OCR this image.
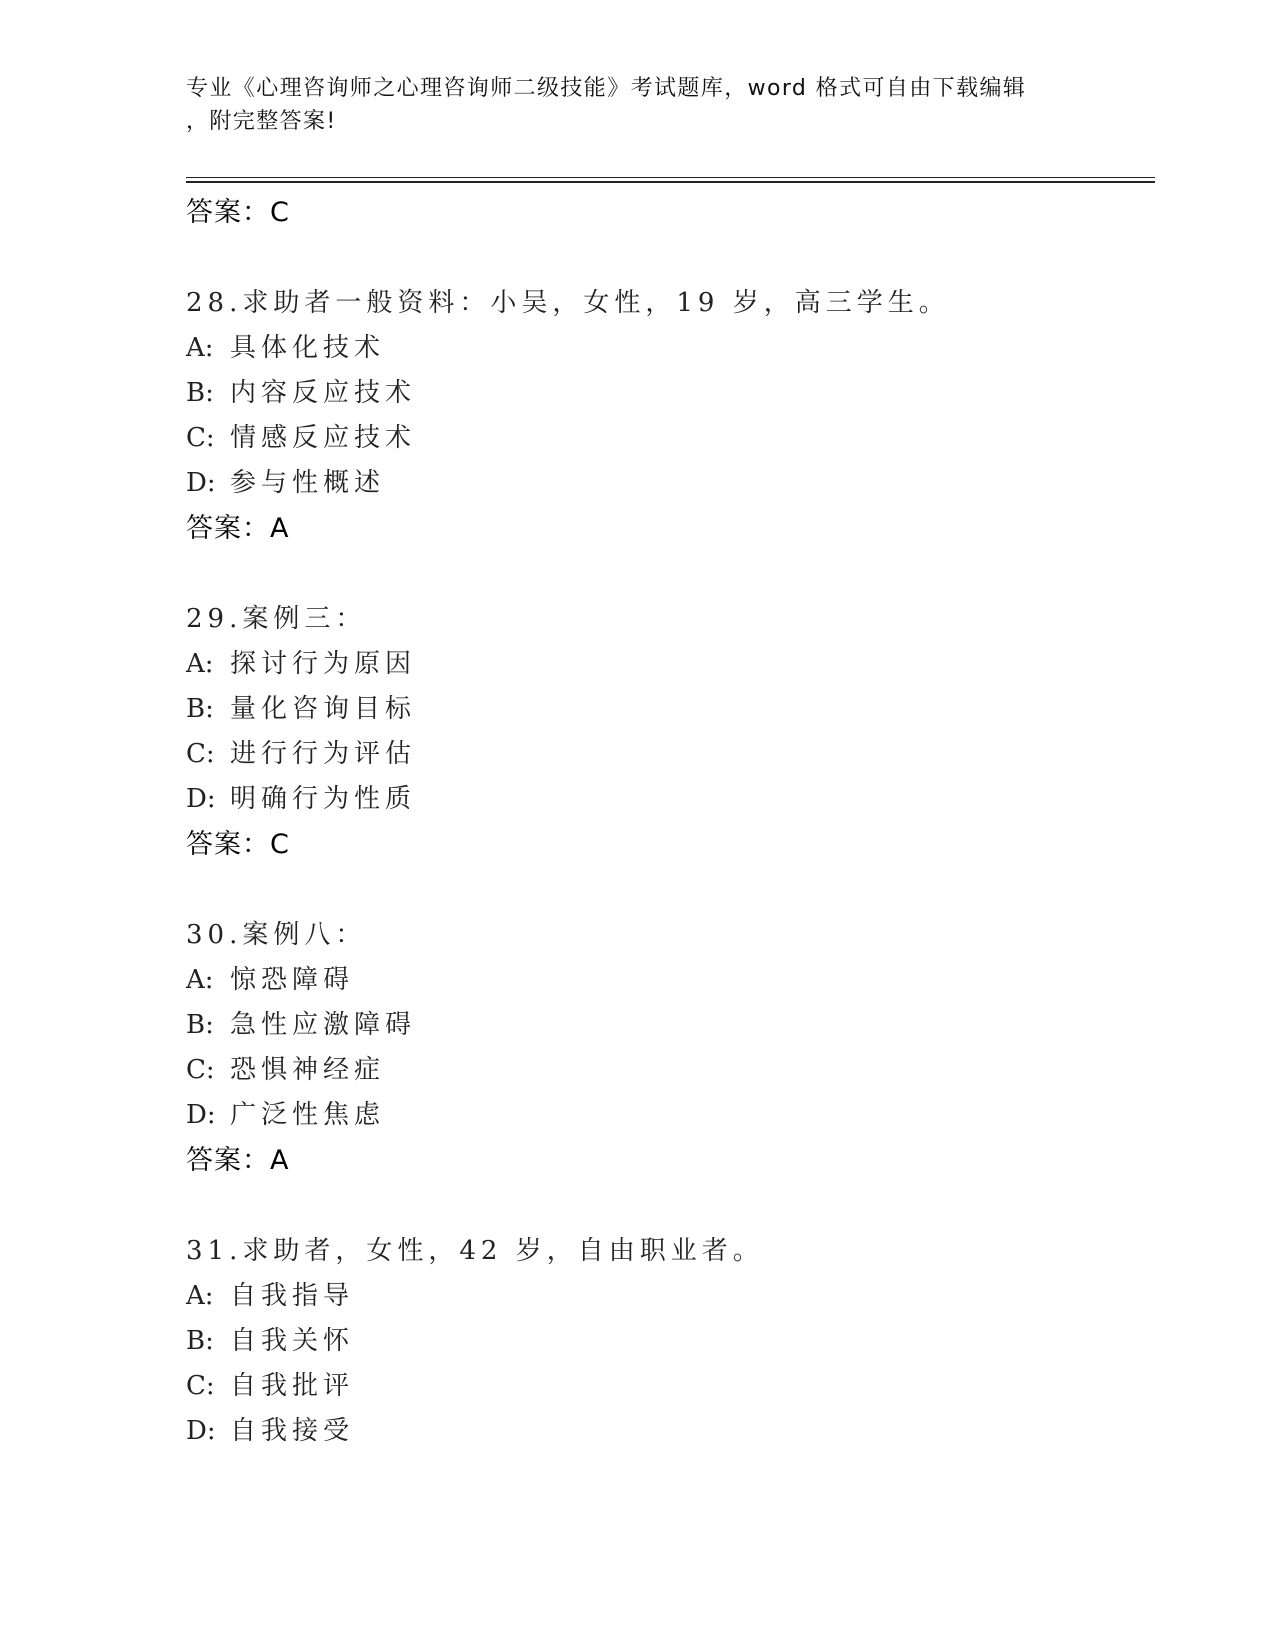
专业《心理咨询师之心理咨询师二级技能》考试题库，word 格式可自由下载编辑
，附完整答案!
答案：C
28.求助者一般资料：小吴，女性，19 岁，高三学生。
A: 具体化技术
B: 内容反应技术
C: 情感反应技术
D: 参与性概述
答案：A
29.案例三：
A: 探讨行为原因
B: 量化咨询目标
C: 进行行为评估
D: 明确行为性质
答案：C
30.案例八：
A: 惊恐障碍
B: 急性应激障碍
C: 恐惧神经症
D: 广泛性焦虑
答案：A
31.求助者，女性，42 岁，自由职业者。
A: 自我指导
B: 自我关怀
C: 自我批评
D: 自我接受
